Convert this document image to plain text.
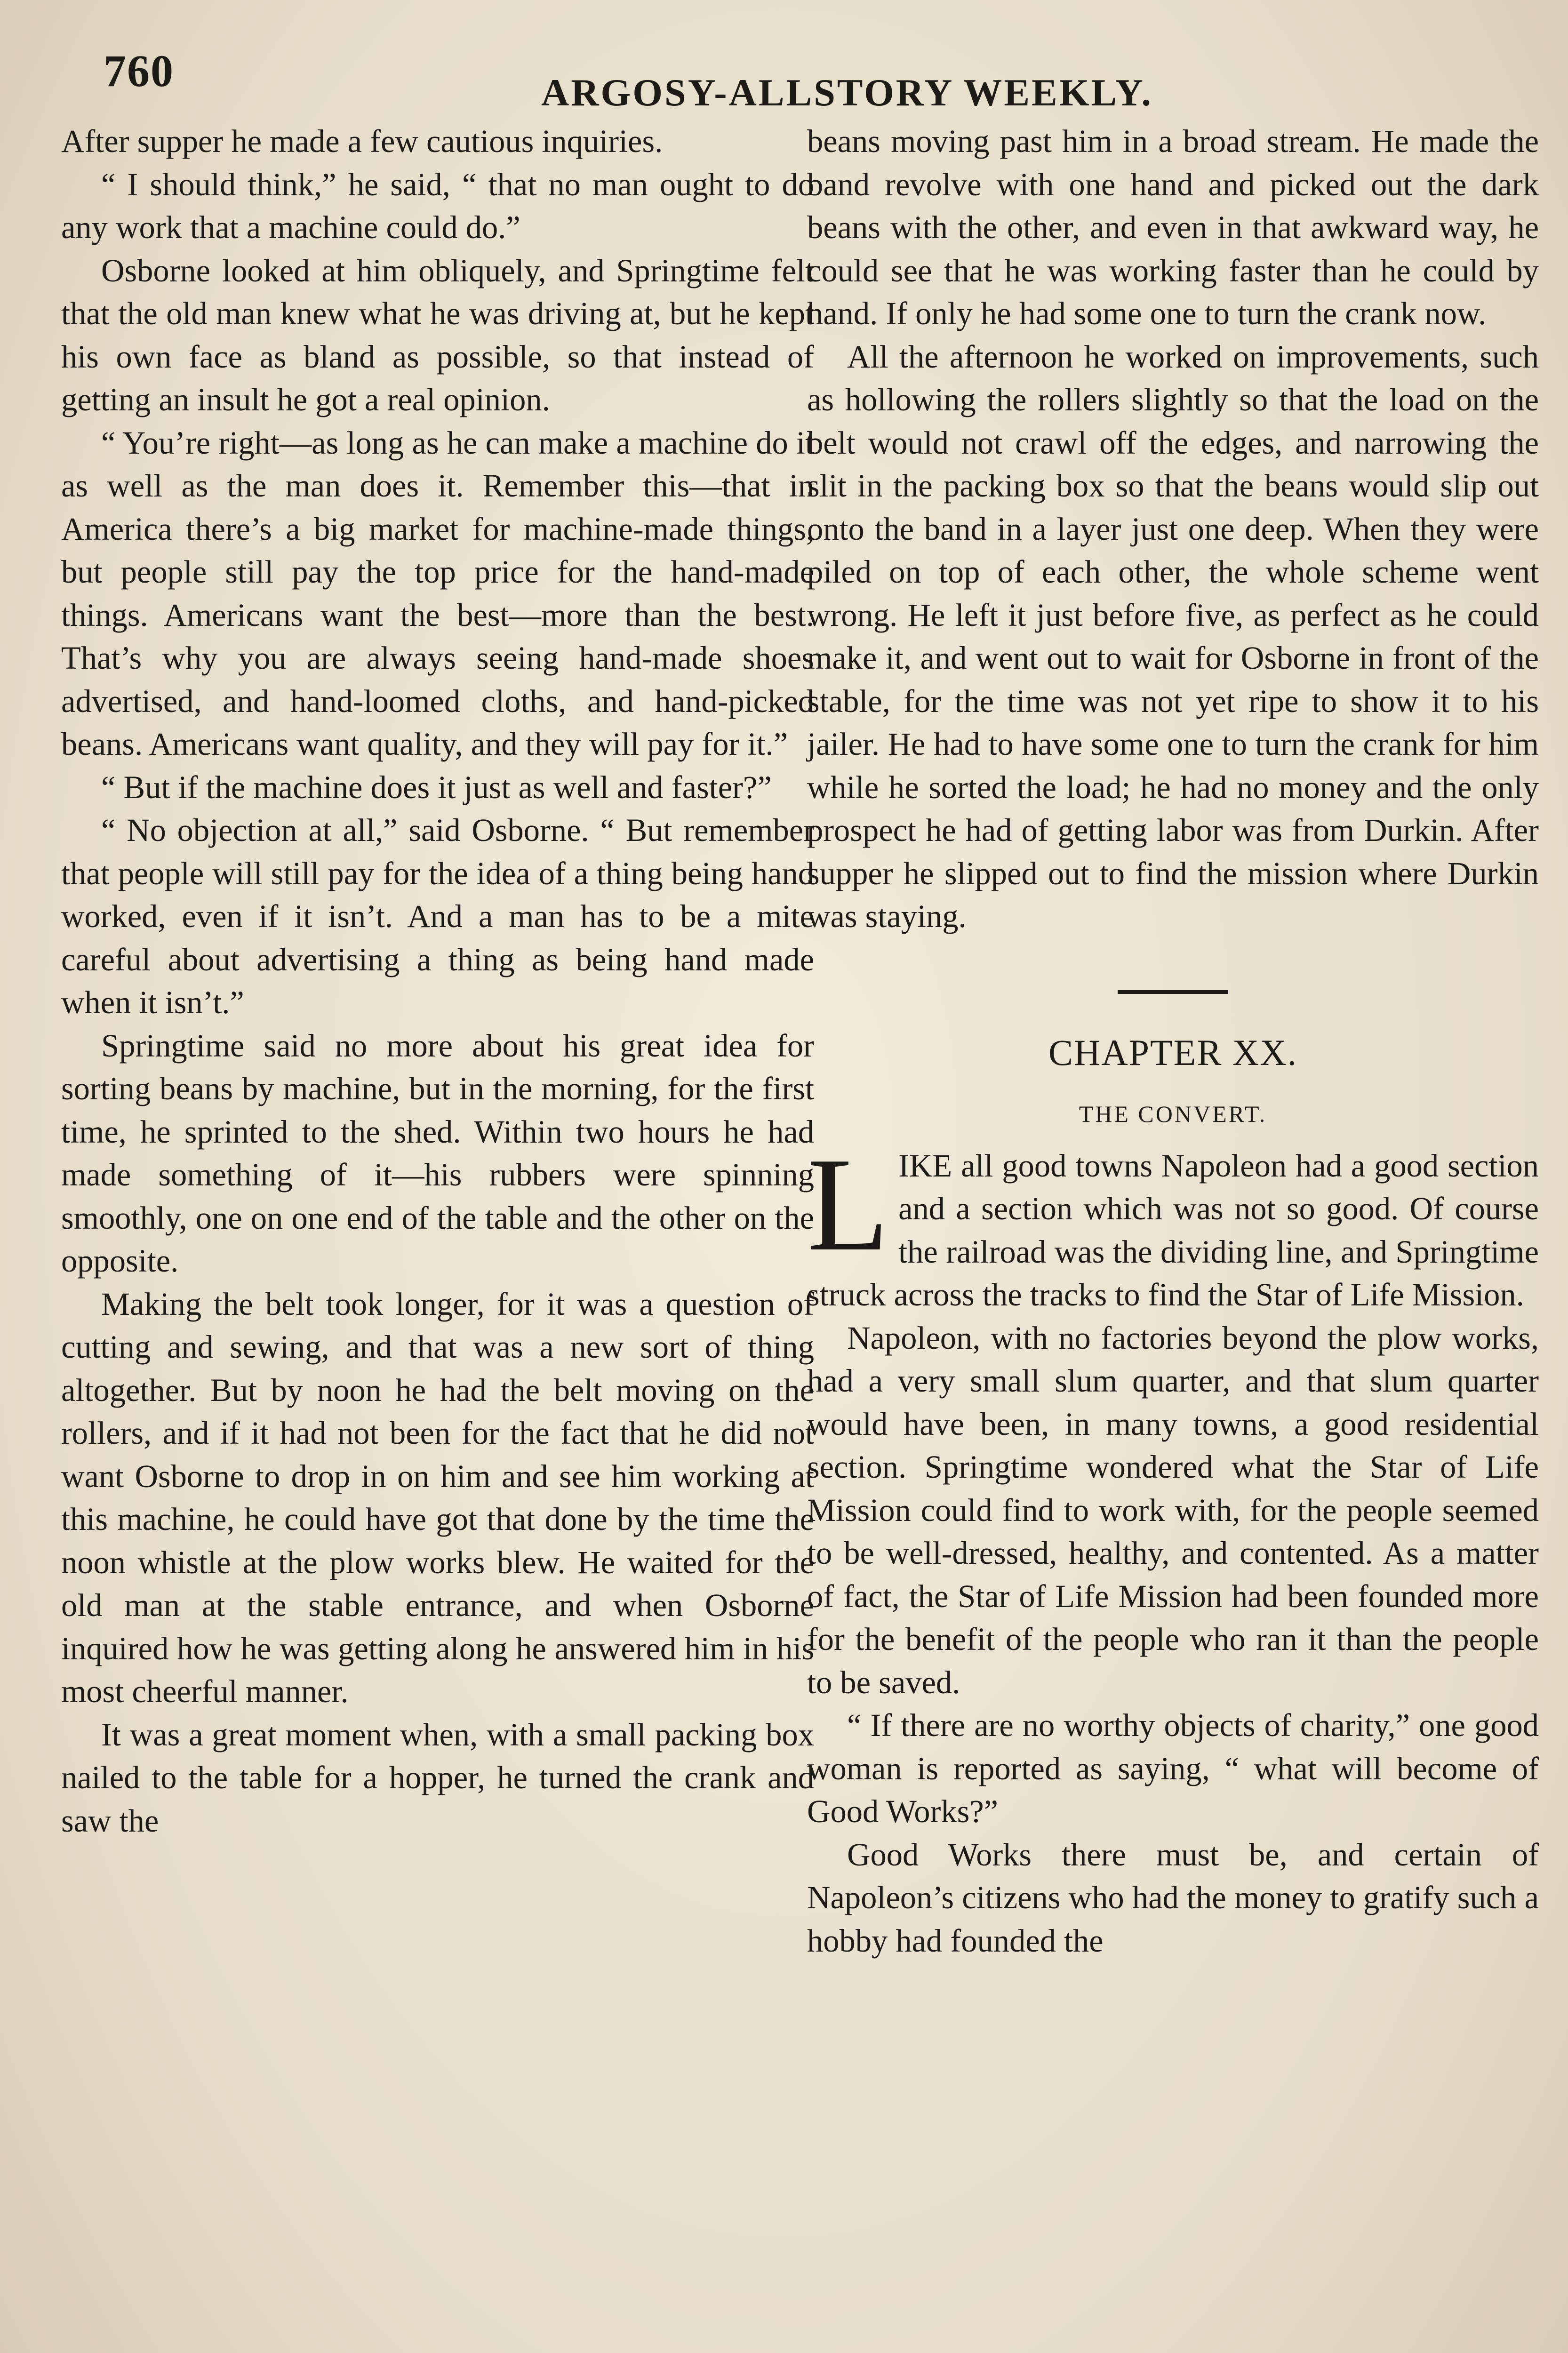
760	ARGOSY-ALLSTORY WEEKLY.

After supper he made a few cautious inquiries.

“ I should think,” he said, “ that no man ought to do any work that a machine could do.”

Osborne looked at him obliquely, and Springtime felt that the old man knew what he was driving at, but he kept his own face as bland as possible, so that instead of getting an insult he got a real opinion.

“ You’re right—as long as he can make a machine do it as well as the man does it. Remember this—that in America there’s a big market for machine-made things, but people still pay the top price for the hand-made things. Americans want the best—more than the best. That’s why you are always seeing hand-made shoes advertised, and hand-loomed cloths, and hand-picked beans. Americans want quality, and they will pay for it.”

“ But if the machine does it just as well and faster?”

“ No objection at all,” said Osborne. “ But remember that people will still pay for the idea of a thing being hand worked, even if it isn’t. And a man has to be a mite careful about advertising a thing as being hand made when it isn’t.”

Springtime said no more about his great idea for sorting beans by machine, but in the morning, for the first time, he sprinted to the shed. Within two hours he had made something of it—his rubbers were spinning smoothly, one on one end of the table and the other on the opposite.

Making the belt took longer, for it was a question of cutting and sewing, and that was a new sort of thing altogether. But by noon he had the belt moving on the rollers, and if it had not been for the fact that he did not want Osborne to drop in on him and see him working at this machine, he could have got that done by the time the noon whistle at the plow works blew. He waited for the old man at the stable entrance, and when Osborne inquired how he was getting along he answered him in his most cheerful manner.

It was a great moment when, with a small packing box nailed to the table for a hopper, he turned the crank and saw the

beans moving past him in a broad stream. He made the band revolve with one hand and picked out the dark beans with the other, and even in that awkward way, he could see that he was working faster than he could by hand. If only he had some one to turn the crank now.

All the afternoon he worked on improvements, such as hollowing the rollers slightly so that the load on the belt would not crawl off the edges, and narrowing the slit in the packing box so that the beans would slip out onto the band in a layer just one deep. When they were piled on top of each other, the whole scheme went wrong. He left it just before five, as perfect as he could make it, and went out to wait for Osborne in front of the stable, for the time was not yet ripe to show it to his jailer. He had to have some one to turn the crank for him while he sorted the load; he had no money and the only prospect he had of getting labor was from Durkin. After supper he slipped out to find the mission where Durkin was staying.

CHAPTER XX.
THE CONVERT.

LIKE all good towns Napoleon had a good section and a section which was not so good. Of course the railroad was the dividing line, and Springtime struck across the tracks to find the Star of Life Mission.

Napoleon, with no factories beyond the plow works, had a very small slum quarter, and that slum quarter would have been, in many towns, a good residential section. Springtime wondered what the Star of Life Mission could find to work with, for the people seemed to be well-dressed, healthy, and contented. As a matter of fact, the Star of Life Mission had been founded more for the benefit of the people who ran it than the people to be saved.

“ If there are no worthy objects of charity,” one good woman is reported as saying, “ what will become of Good Works?”

Good Works there must be, and certain of Napoleon’s citizens who had the money to gratify such a hobby had founded the
